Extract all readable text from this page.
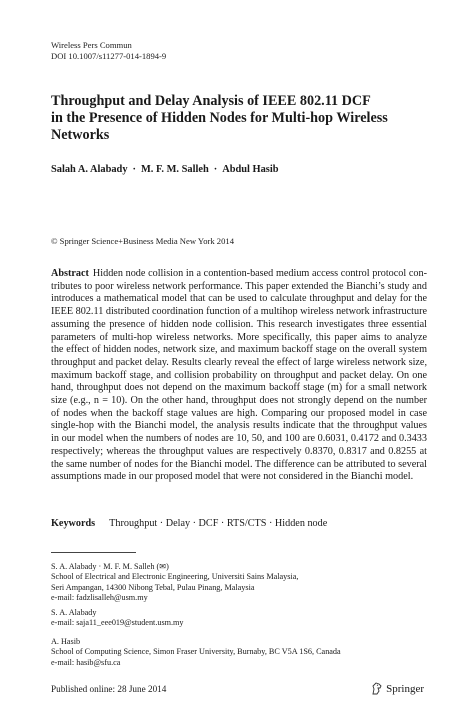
Wireless Pers Commun
DOI 10.1007/s11277-014-1894-9
Throughput and Delay Analysis of IEEE 802.11 DCF
in the Presence of Hidden Nodes for Multi-hop Wireless
Networks
Salah A. Alabady · M. F. M. Salleh · Abdul Hasib
© Springer Science+Business Media New York 2014
Abstract Hidden node collision in a contention-based medium access control protocol con-
tributes to poor wireless network performance. This paper extended the Bianchi’s study and
introduces a mathematical model that can be used to calculate throughput and delay for the
IEEE 802.11 distributed coordination function of a multihop wireless network infrastructure
assuming the presence of hidden node collision. This research investigates three essential
parameters of multi-hop wireless networks. More specifically, this paper aims to analyze
the effect of hidden nodes, network size, and maximum backoff stage on the overall system
throughput and packet delay. Results clearly reveal the effect of large wireless network size,
maximum backoff stage, and collision probability on throughput and packet delay. On one
hand, throughput does not depend on the maximum backoff stage (m) for a small network
size (e.g., n = 10). On the other hand, throughput does not strongly depend on the number
of nodes when the backoff stage values are high. Comparing our proposed model in case
single-hop with the Bianchi model, the analysis results indicate that the throughput values
in our model when the numbers of nodes are 10, 50, and 100 are 0.6031, 0.4172 and 0.3433
respectively; whereas the throughput values are respectively 0.8370, 0.8317 and 0.8255 at
the same number of nodes for the Bianchi model. The difference can be attributed to several
assumptions made in our proposed model that were not considered in the Bianchi model.
Keywords Throughput · Delay · DCF · RTS/CTS · Hidden node
S. A. Alabady · M. F. M. Salleh (✉)
School of Electrical and Electronic Engineering, Universiti Sains Malaysia,
Seri Ampangan, 14300 Nibong Tebal, Pulau Pinang, Malaysia
e-mail: fadzlisalleh@usm.my
S. A. Alabady
e-mail: saja11_eee019@student.usm.my
A. Hasib
School of Computing Science, Simon Fraser University, Burnaby, BC V5A 1S6, Canada
e-mail: hasib@sfu.ca
Published online: 28 June 2014	Springer
